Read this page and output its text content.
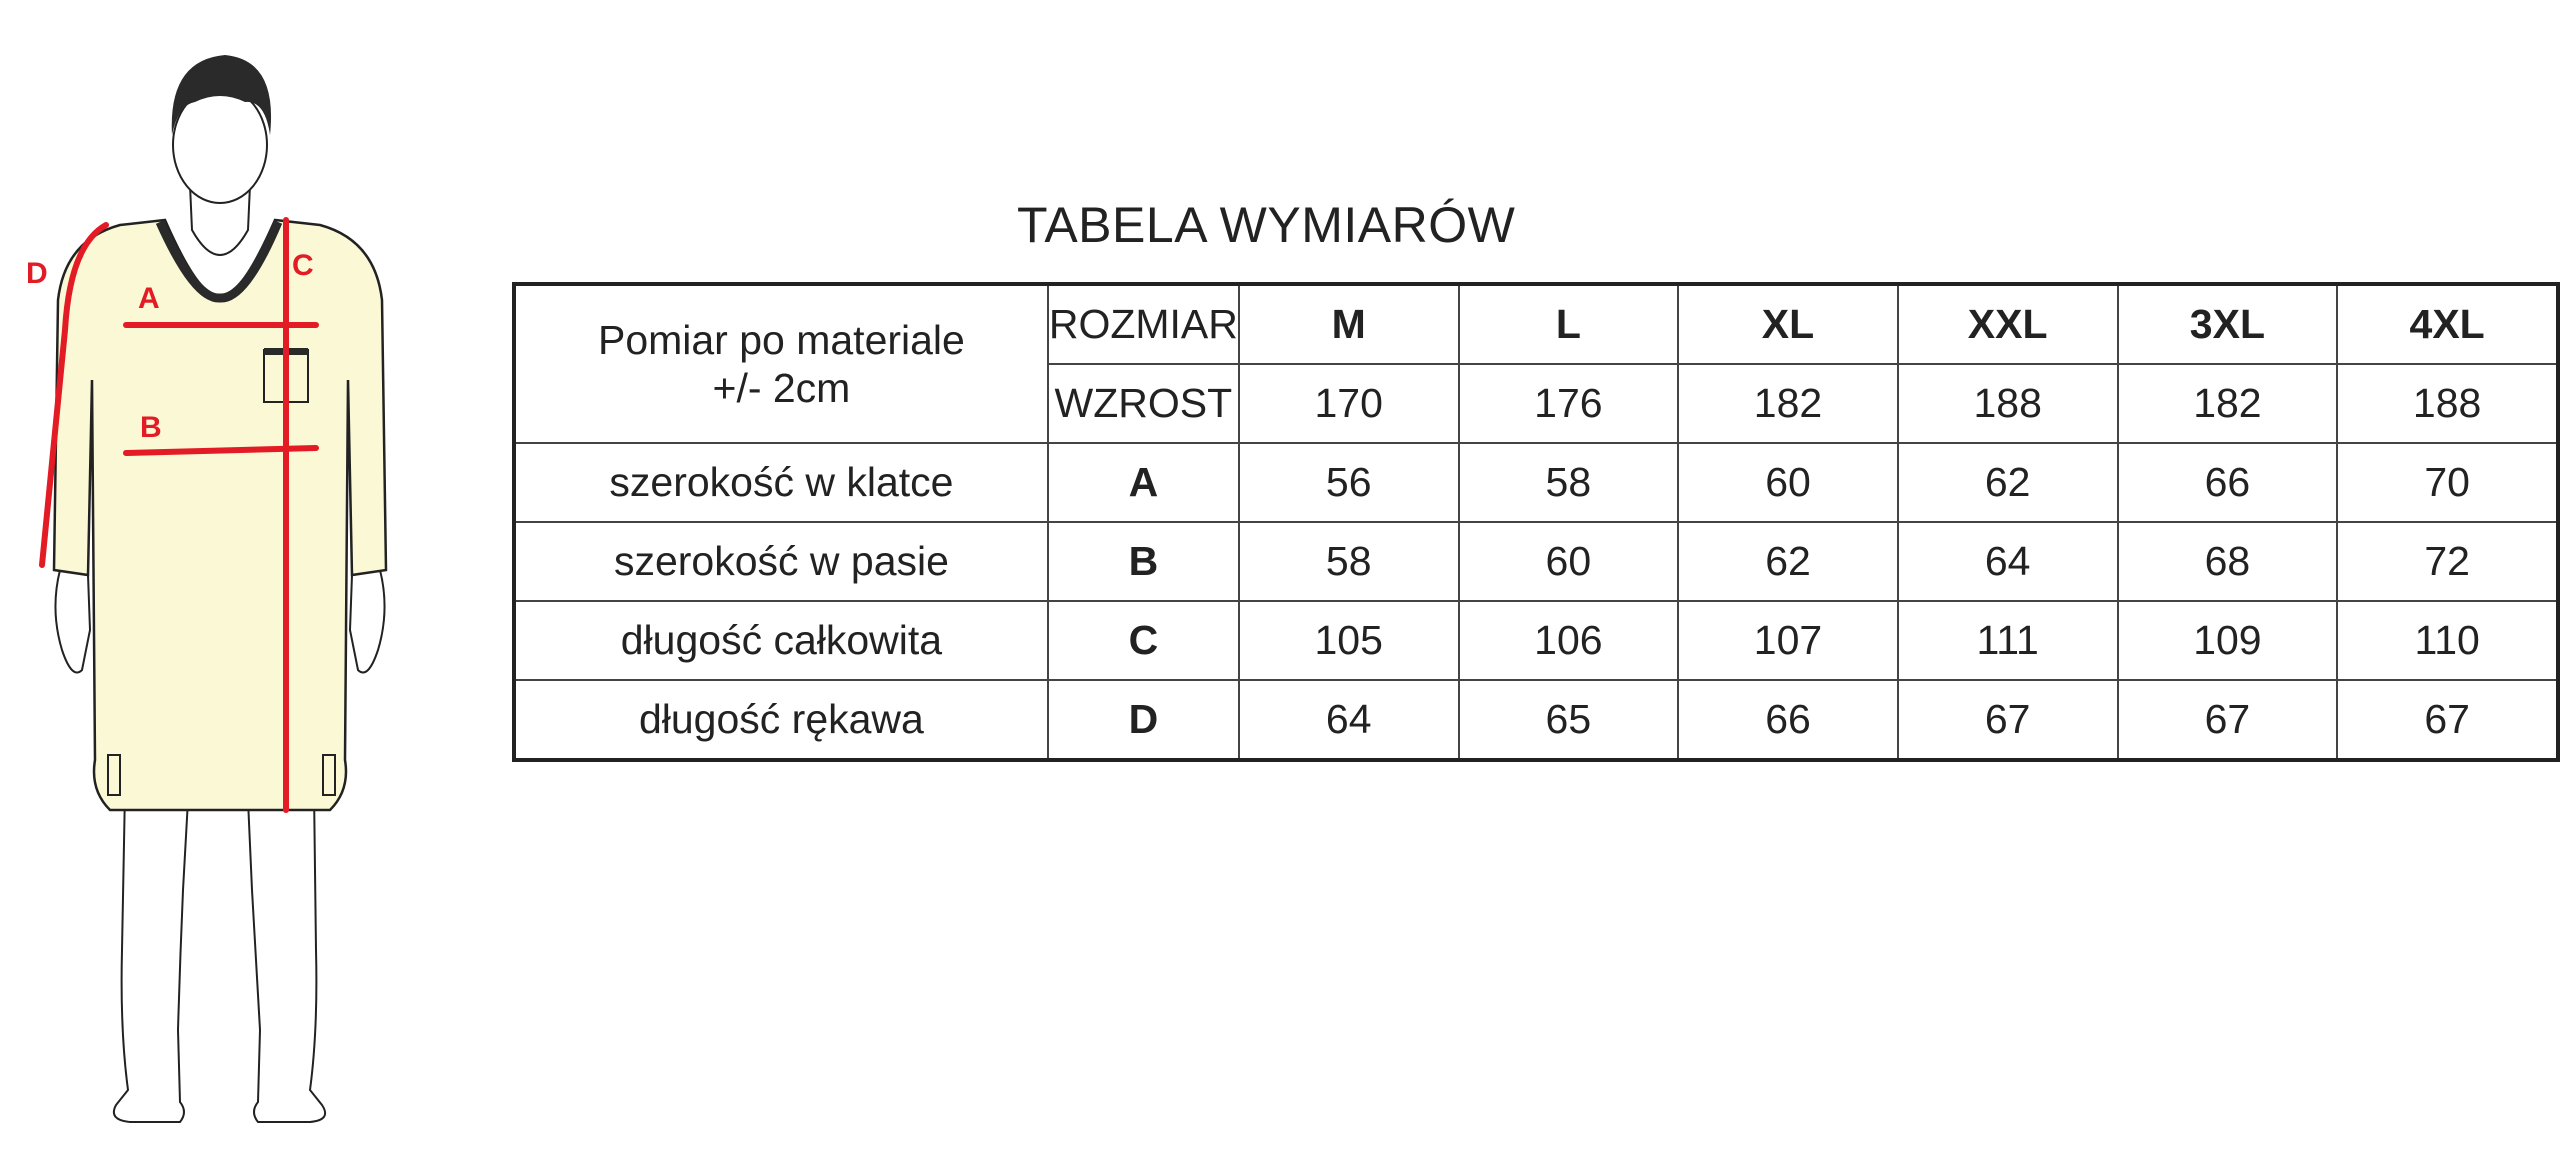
D
A
C
B
TABELA WYMIARÓW
Pomiar po materiale
+/- 2cm	ROZMIAR	M	L	XL	XXL	3XL	4XL
	WZROST	170	176	182	188	182	188
szerokość w klatce	A	56	58	60	62	66	70
szerokość w pasie	B	58	60	62	64	68	72
długość całkowita	C	105	106	107	111	109	110
długość rękawa	D	64	65	66	67	67	67
